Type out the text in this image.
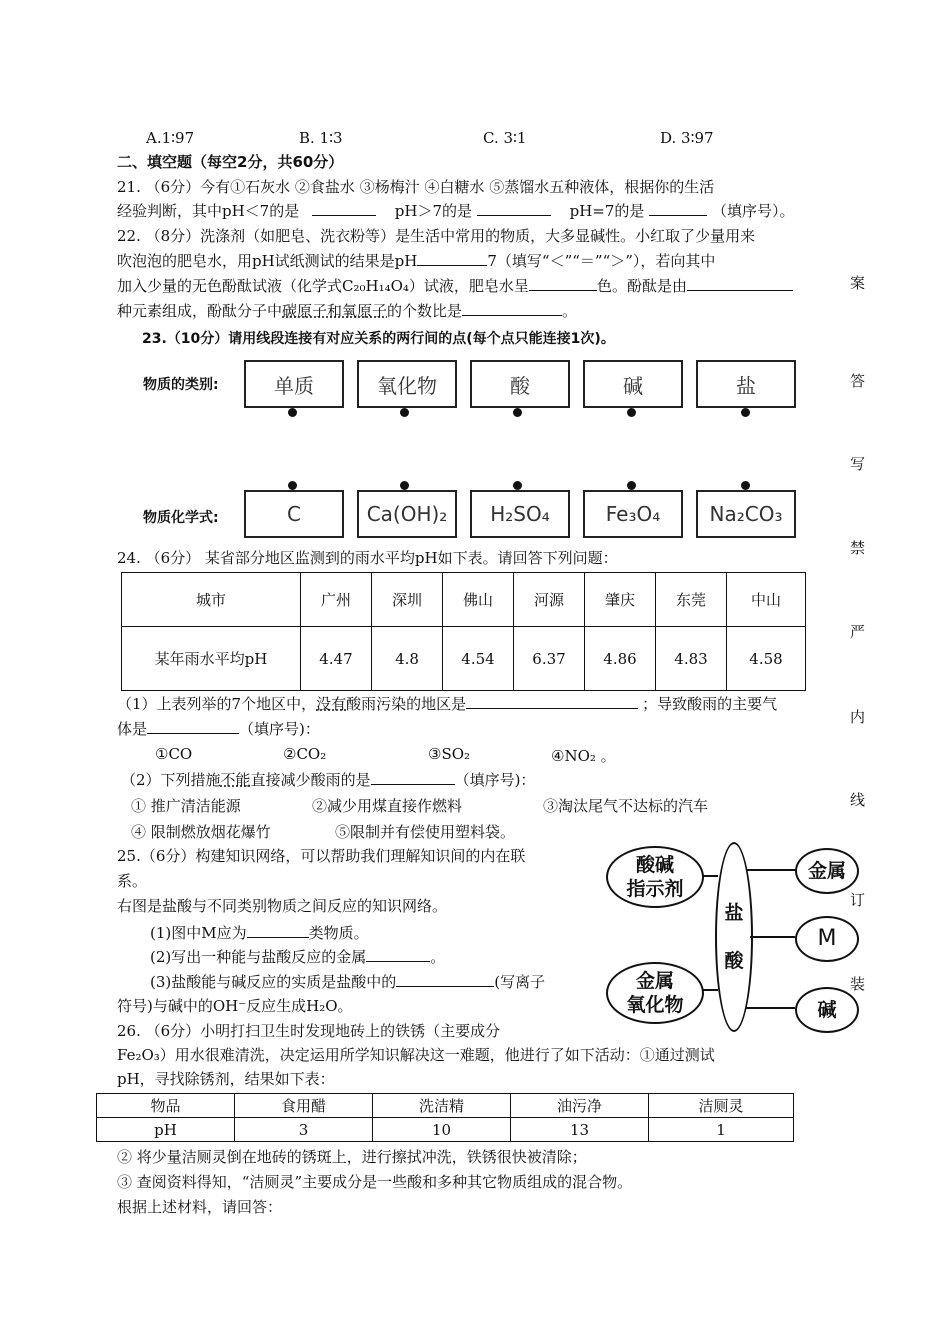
A.1∶97	B. 1∶3	C. 3∶1	D. 3∶97
二、填空题（每空2分，共60分）
21. （6分）今有①石灰水 ②食盐水 ③杨梅汁 ④白糖水 ⑤蒸馏水五种液体，根据你的生活
经验判断，其中pH＜7的是	pH＞7的是	pH=7的是	（填序号）。
22. （8分）洗涤剂（如肥皂、洗衣粉等）是生活中常用的物质，大多显碱性。小红取了少量用来
吹泡泡的肥皂水，用pH试纸测试的结果是pH	7（填写“＜”“＝”“＞”），若向其中
加入少量的无色酚酞试液（化学式C₂₀H₁₄O₄）试液，肥皂水呈	色。酚酞是由
种元素组成，酚酞分子中碳原子和氧原子的个数比是	。
23.（10分）请用线段连接有对应关系的两行间的点(每个点只能连接1次)。
物质的类别:
物质化学式:
单质	氧化物	酸	碱	盐
C	Ca(OH)₂ H₂SO₄	Fe₃O₄ Na₂CO₃
24. （6分） 某省部分地区监测到的雨水平均pH如下表。请回答下列问题：
城市	广州	深圳	佛山	河源	肇庆	东莞	中山
某年雨水平均pH	4.47	4.8	4.54	6.37	4.86	4.83	4.58
（1）上表列举的7个地区中，没有酸雨污染的地区是	；导致酸雨的主要气
体是	（填序号)：
①CO	②CO₂	③SO₂	④NO₂ 。
（2）下列措施不能直接减少酸雨的是	（填序号)：
① 推广清洁能源	②减少用煤直接作燃料	③淘汰尾气不达标的汽车
④ 限制燃放烟花爆竹	⑤限制并有偿使用塑料袋。
25.（6分）构建知识网络，可以帮助我们理解知识间的内在联
系。
右图是盐酸与不同类别物质之间反应的知识网络。
(1)图中M应为	类物质。
(2)写出一种能与盐酸反应的金属	。
(3)盐酸能与碱反应的实质是盐酸中的	(写离子
符号)与碱中的OH⁻反应生成H₂O。
酸碱
指示剂
金属
氧化物
盐

酸
金属
M
碱
26. （6分）小明打扫卫生时发现地砖上的铁锈（主要成分
Fe₂O₃）用水很难清洗，决定运用所学知识解决这一难题，他进行了如下活动：①通过测试
pH，寻找除锈剂，结果如下表：
物品	食用醋	洗洁精	油污净	洁厕灵
pH	3	10	13	1
② 将少量洁厕灵倒在地砖的锈斑上，进行擦拭冲洗，铁锈很快被清除；
③ 查阅资料得知，“洁厕灵”主要成分是一些酸和多种其它物质组成的混合物。
根据上述材料，请回答：
案
答
写
禁
严
内
线
订
装
